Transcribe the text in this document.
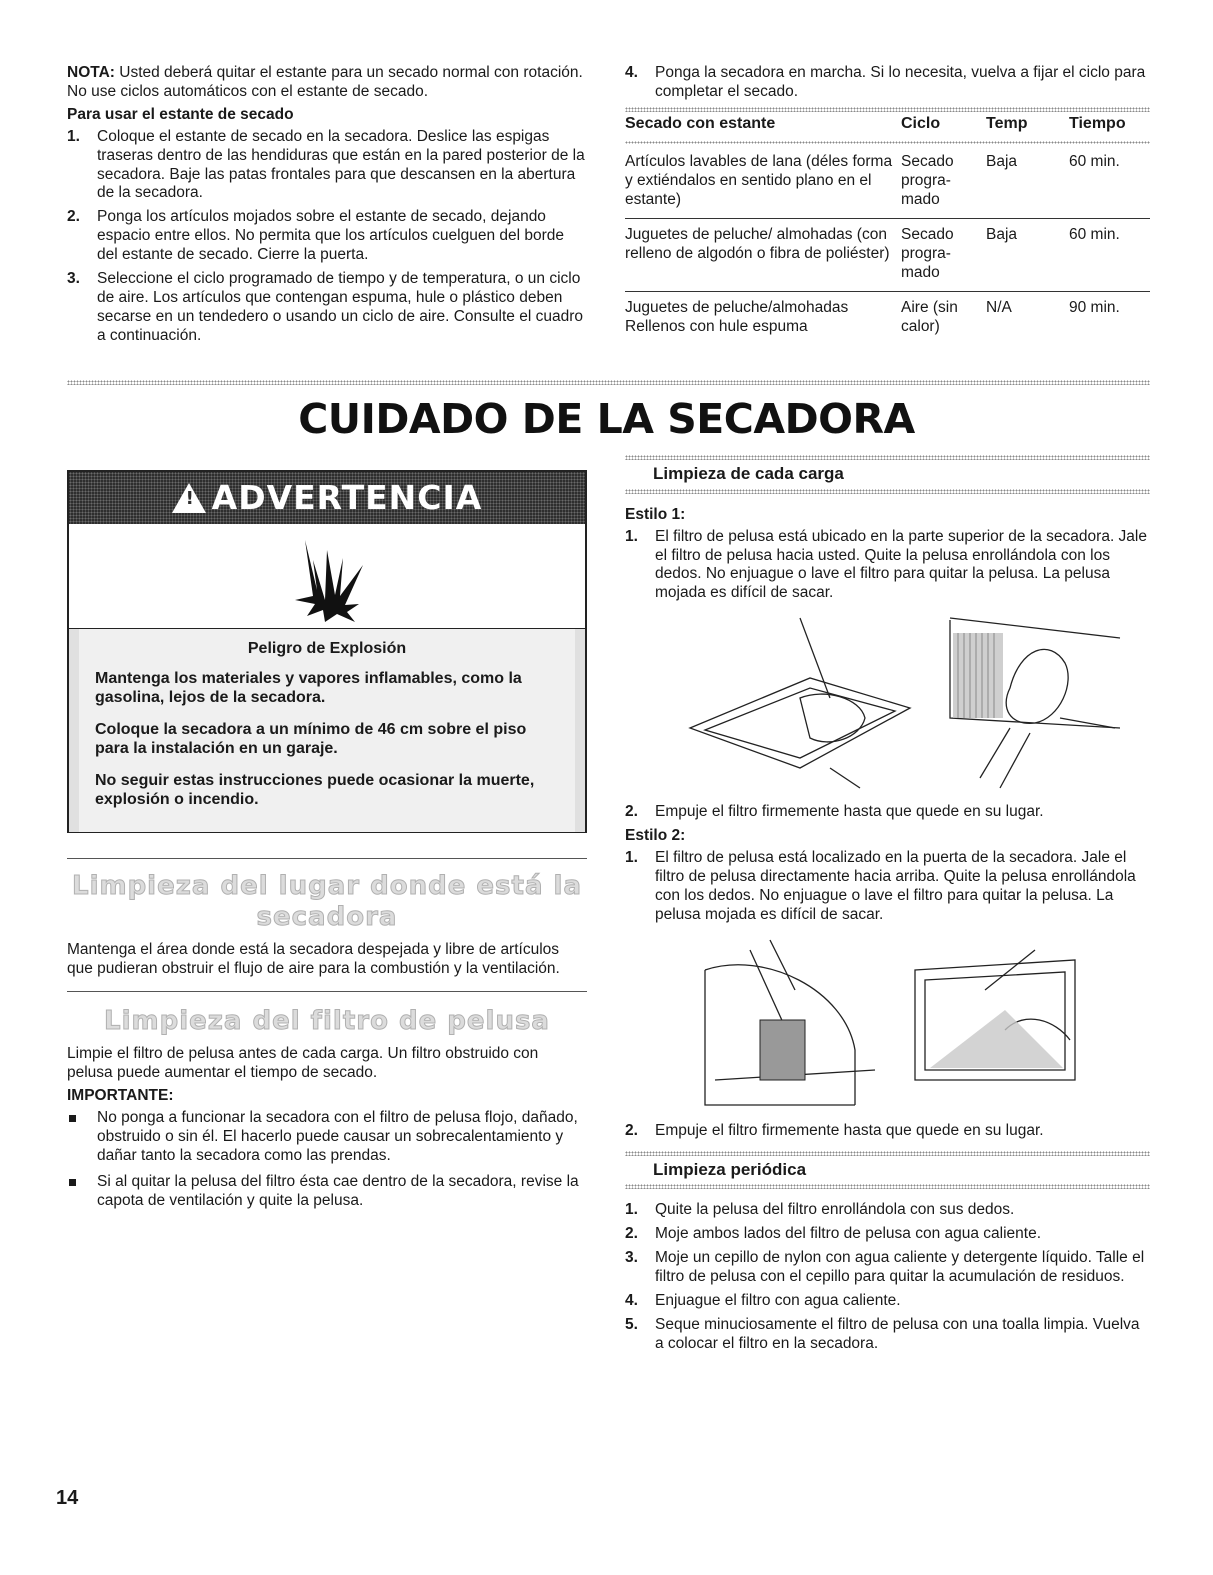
NOTA: Usted deberá quitar el estante para un secado normal con rotación. No use ciclos automáticos con el estante de secado.

Para usar el estante de secado
1. Coloque el estante de secado en la secadora. Deslice las espigas traseras dentro de las hendiduras que están en la pared posterior de la secadora. Baje las patas frontales para que descansen en la abertura de la secadora.
2. Ponga los artículos mojados sobre el estante de secado, dejando espacio entre ellos. No permita que los artículos cuelguen del borde del estante de secado. Cierre la puerta.
3. Seleccione el ciclo programado de tiempo y de temperatura, o un ciclo de aire. Los artículos que contengan espuma, hule o plástico deben secarse en un tendedero o usando un ciclo de aire. Consulte el cuadro a continuación.
4. Ponga la secadora en marcha. Si lo necesita, vuelva a fijar el ciclo para completar el secado.
Secado con estante	Ciclo	Temp	Tiempo
Artículos lavables de lana (déles forma y extiéndalos en sentido plano en el estante)	Secado progra-mado	Baja	60 min.
Juguetes de peluche/ almohadas (con relleno de algodón o fibra de poliéster)	Secado progra-mado	Baja	60 min.
Juguetes de peluche/almohadas Rellenos con hule espuma	Aire (sin calor)	N/A	90 min.
CUIDADO DE LA SECADORA
! ADVERTENCIA
Peligro de Explosión

Mantenga los materiales y vapores inflamables, como la gasolina, lejos de la secadora.

Coloque la secadora a un mínimo de 46 cm sobre el piso para la instalación en un garaje.

No seguir estas instrucciones puede ocasionar la muerte, explosión o incendio.

Limpieza del lugar donde está la secadora

Mantenga el área donde está la secadora despejada y libre de artículos que pudieran obstruir el flujo de aire para la combustión y la ventilación.

Limpieza del filtro de pelusa

Limpie el filtro de pelusa antes de cada carga. Un filtro obstruido con pelusa puede aumentar el tiempo de secado.

IMPORTANTE:
No ponga a funcionar la secadora con el filtro de pelusa flojo, dañado, obstruido o sin él. El hacerlo puede causar un sobrecalentamiento y dañar tanto la secadora como las prendas.
Si al quitar la pelusa del filtro ésta cae dentro de la secadora, revise la capota de ventilación y quite la pelusa.
Limpieza de cada carga
Estilo 1:
1. El filtro de pelusa está ubicado en la parte superior de la secadora. Jale el filtro de pelusa hacia usted. Quite la pelusa enrollándola con los dedos. No enjuague o lave el filtro para quitar la pelusa. La pelusa mojada es difícil de sacar.
2. Empuje el filtro firmemente hasta que quede en su lugar.
Estilo 2:
1. El filtro de pelusa está localizado en la puerta de la secadora. Jale el filtro de pelusa directamente hacia arriba. Quite la pelusa enrollándola con los dedos. No enjuague o lave el filtro para quitar la pelusa. La pelusa mojada es difícil de sacar.
2. Empuje el filtro firmemente hasta que quede en su lugar.
Limpieza periódica
1. Quite la pelusa del filtro enrollándola con sus dedos.
2. Moje ambos lados del filtro de pelusa con agua caliente.
3. Moje un cepillo de nylon con agua caliente y detergente líquido. Talle el filtro de pelusa con el cepillo para quitar la acumulación de residuos.
4. Enjuague el filtro con agua caliente.
5. Seque minuciosamente el filtro de pelusa con una toalla limpia. Vuelva a colocar el filtro en la secadora.
14
